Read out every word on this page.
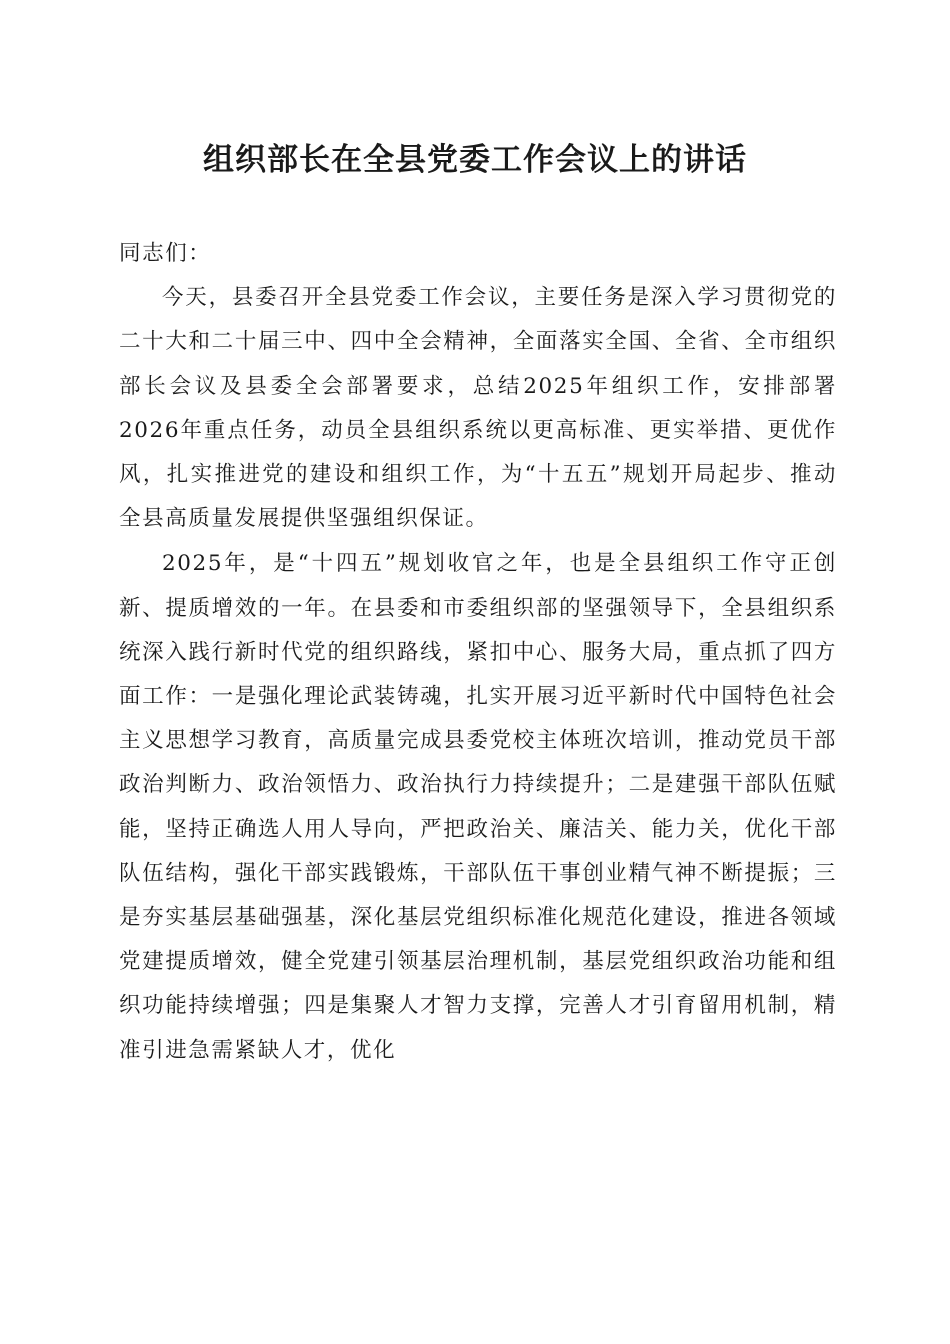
组织部长在全县党委工作会议上的讲话

同志们：

今天，县委召开全县党委工作会议，主要任务是深入学习贯彻党的二十大和二十届三中、四中全会精神，全面落实全国、全省、全市组织部长会议及县委全会部署要求，总结2025年组织工作，安排部署2026年重点任务，动员全县组织系统以更高标准、更实举措、更优作风，扎实推进党的建设和组织工作，为“十五五”规划开局起步、推动全县高质量发展提供坚强组织保证。

2025年，是“十四五”规划收官之年，也是全县组织工作守正创新、提质增效的一年。在县委和市委组织部的坚强领导下，全县组织系统深入践行新时代党的组织路线，紧扣中心、服务大局，重点抓了四方面工作：一是强化理论武装铸魂，扎实开展习近平新时代中国特色社会主义思想学习教育，高质量完成县委党校主体班次培训，推动党员干部政治判断力、政治领悟力、政治执行力持续提升；二是建强干部队伍赋能，坚持正确选人用人导向，严把政治关、廉洁关、能力关，优化干部队伍结构，强化干部实践锻炼，干部队伍干事创业精气神不断提振；三是夯实基层基础强基，深化基层党组织标准化规范化建设，推进各领域党建提质增效，健全党建引领基层治理机制，基层党组织政治功能和组织功能持续增强；四是集聚人才智力支撑，完善人才引育留用机制，精准引进急需紧缺人才，优化
